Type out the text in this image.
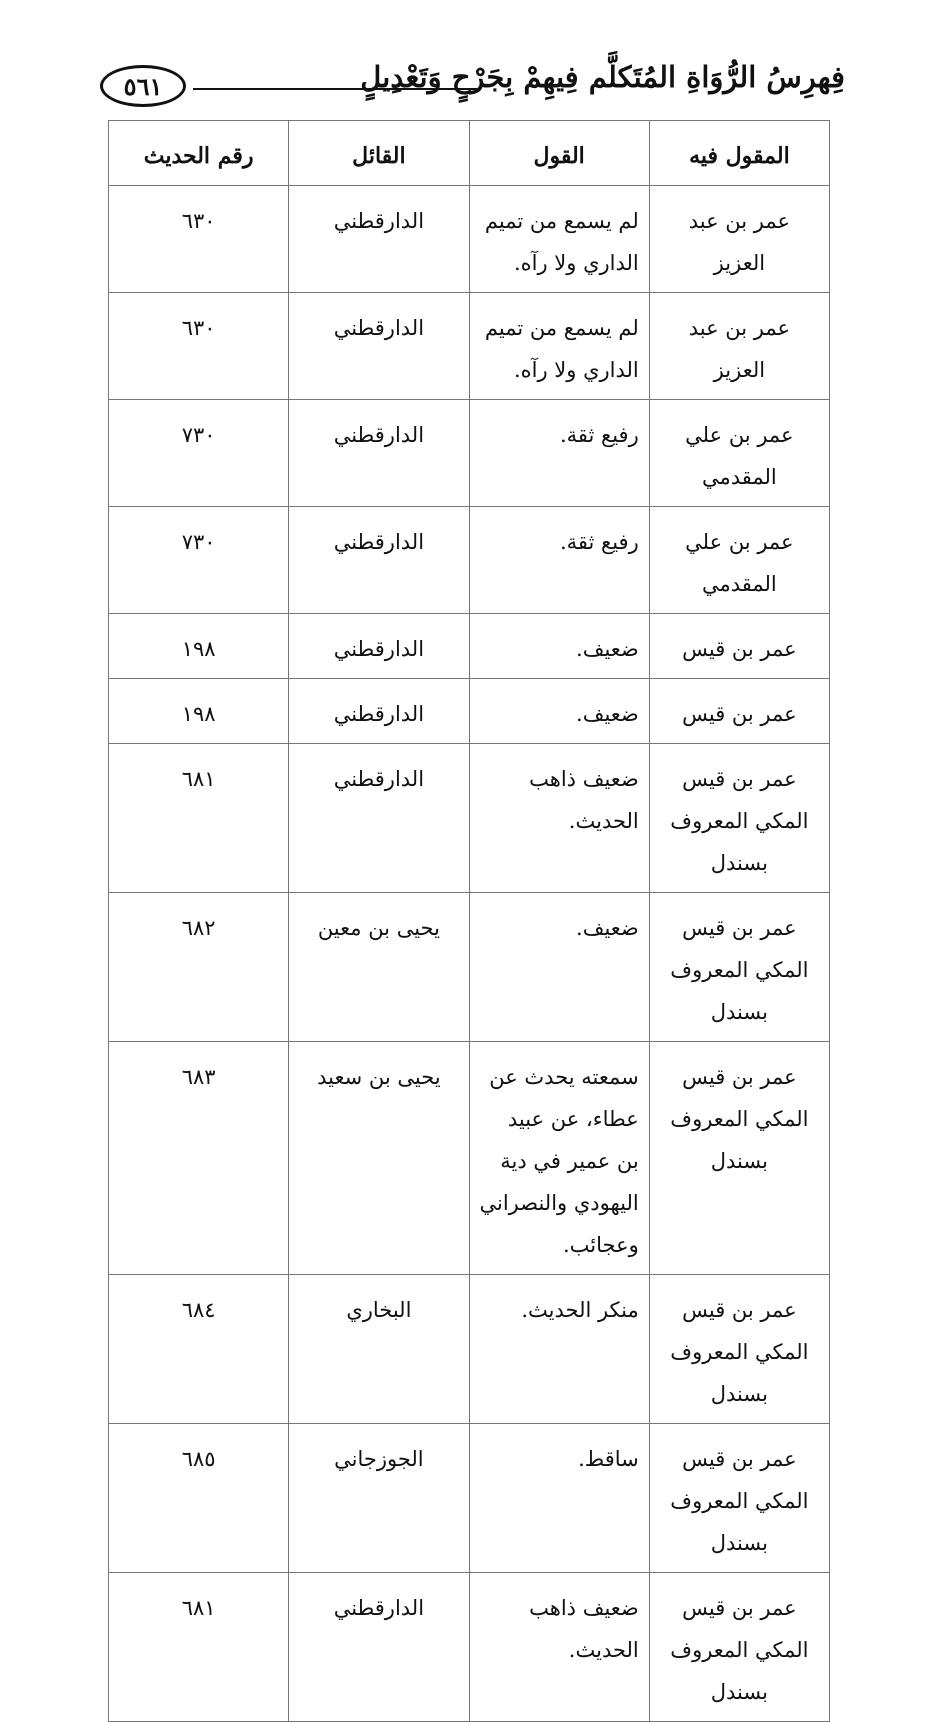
فِهرِسُ الرُّوَاةِ المُتَكلَّم فِيهِمْ بِجَرْحٍ وَتَعْدِيلٍ
٥٦١
المقول فيه	القول	القائل	رقم الحديث
عمر بن عبد العزيز	لم يسمع من تميم الداري ولا رآه.	الدارقطني	٦٣٠
عمر بن عبد العزيز	لم يسمع من تميم الداري ولا رآه.	الدارقطني	٦٣٠
عمر بن علي المقدمي	رفيع ثقة.	الدارقطني	٧٣٠
عمر بن علي المقدمي	رفيع ثقة.	الدارقطني	٧٣٠
عمر بن قيس	ضعيف.	الدارقطني	١٩٨
عمر بن قيس	ضعيف.	الدارقطني	١٩٨
عمر بن قيس المكي المعروف بسندل	ضعيف ذاهب الحديث.	الدارقطني	٦٨١
عمر بن قيس المكي المعروف بسندل	ضعيف.	يحيى بن معين	٦٨٢
عمر بن قيس المكي المعروف بسندل	سمعته يحدث عن عطاء، عن عبيد بن عمير في دية اليهودي والنصراني وعجائب.	يحيى بن سعيد	٦٨٣
عمر بن قيس المكي المعروف بسندل	منكر الحديث.	البخاري	٦٨٤
عمر بن قيس المكي المعروف بسندل	ساقط.	الجوزجاني	٦٨٥
عمر بن قيس المكي المعروف بسندل	ضعيف ذاهب الحديث.	الدارقطني	٦٨١
